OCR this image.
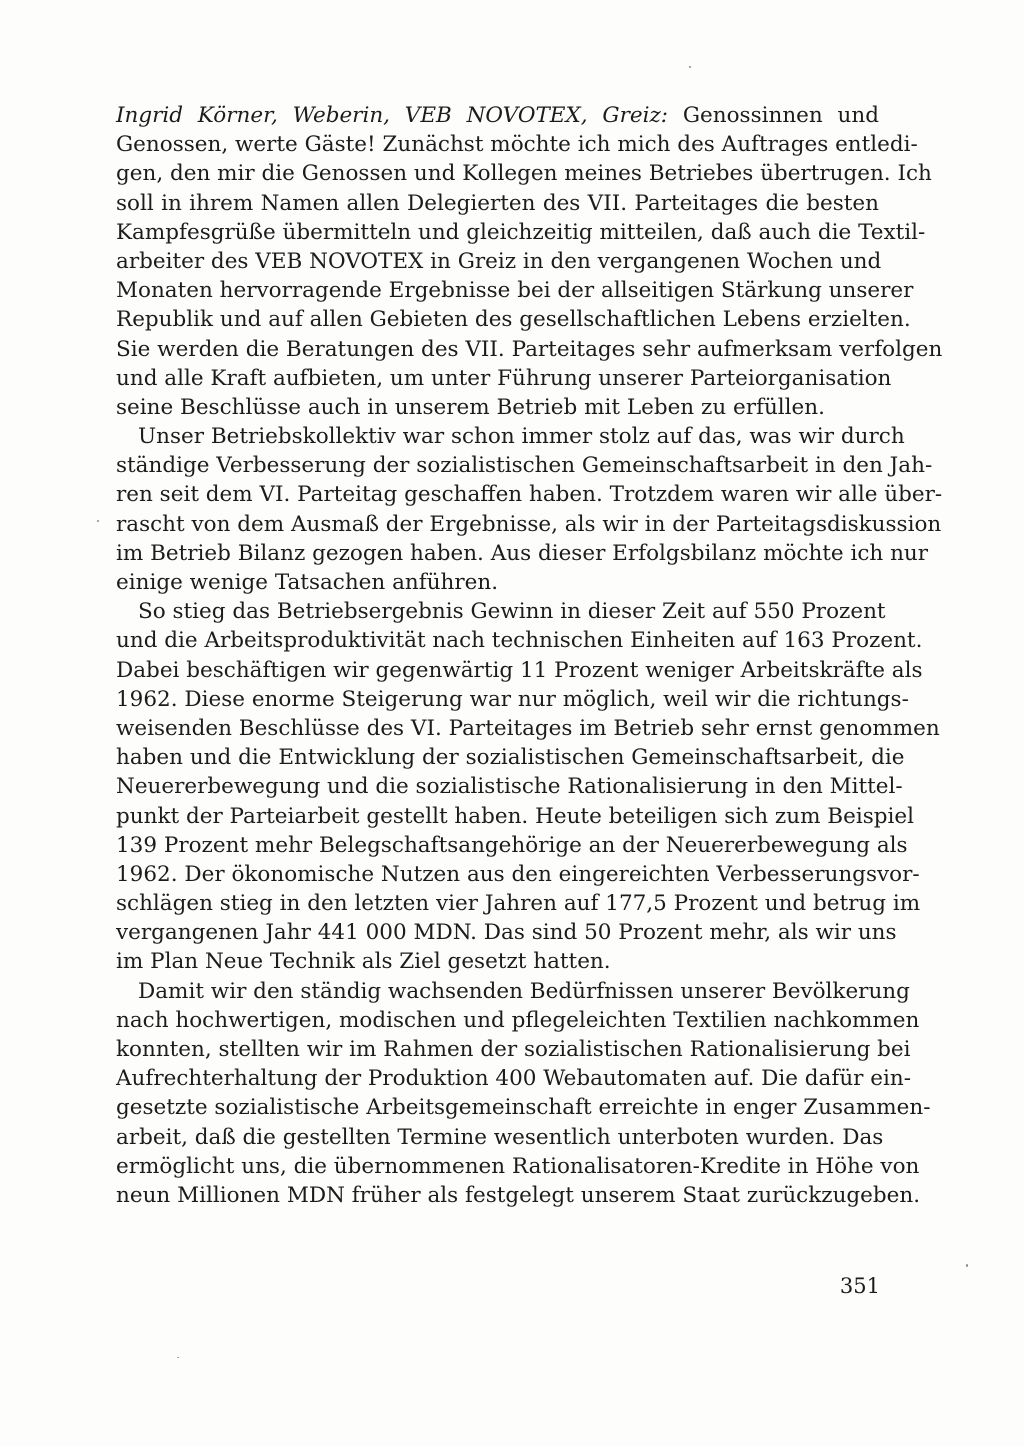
Ingrid Körner, Weberin, VEB NOVOTEX, Greiz: Genossinnen und
Genossen, werte Gäste! Zunächst möchte ich mich des Auftrages entledi-
gen, den mir die Genossen und Kollegen meines Betriebes übertrugen. Ich
soll in ihrem Namen allen Delegierten des VII. Parteitages die besten
Kampfesgrüße übermitteln und gleichzeitig mitteilen, daß auch die Textil-
arbeiter des VEB NOVOTEX in Greiz in den vergangenen Wochen und
Monaten hervorragende Ergebnisse bei der allseitigen Stärkung unserer
Republik und auf allen Gebieten des gesellschaftlichen Lebens erzielten.
Sie werden die Beratungen des VII. Parteitages sehr aufmerksam verfolgen
und alle Kraft aufbieten, um unter Führung unserer Parteiorganisation
seine Beschlüsse auch in unserem Betrieb mit Leben zu erfüllen.
Unser Betriebskollektiv war schon immer stolz auf das, was wir durch
ständige Verbesserung der sozialistischen Gemeinschaftsarbeit in den Jah-
ren seit dem VI. Parteitag geschaffen haben. Trotzdem waren wir alle über-
rascht von dem Ausmaß der Ergebnisse, als wir in der Parteitagsdiskussion
im Betrieb Bilanz gezogen haben. Aus dieser Erfolgsbilanz möchte ich nur
einige wenige Tatsachen anführen.
So stieg das Betriebsergebnis Gewinn in dieser Zeit auf 550 Prozent
und die Arbeitsproduktivität nach technischen Einheiten auf 163 Prozent.
Dabei beschäftigen wir gegenwärtig 11 Prozent weniger Arbeitskräfte als
1962. Diese enorme Steigerung war nur möglich, weil wir die richtungs-
weisenden Beschlüsse des VI. Parteitages im Betrieb sehr ernst genommen
haben und die Entwicklung der sozialistischen Gemeinschaftsarbeit, die
Neuererbewegung und die sozialistische Rationalisierung in den Mittel-
punkt der Parteiarbeit gestellt haben. Heute beteiligen sich zum Beispiel
139 Prozent mehr Belegschaftsangehörige an der Neuererbewegung als
1962. Der ökonomische Nutzen aus den eingereichten Verbesserungsvor-
schlägen stieg in den letzten vier Jahren auf 177,5 Prozent und betrug im
vergangenen Jahr 441 000 MDN. Das sind 50 Prozent mehr, als wir uns
im Plan Neue Technik als Ziel gesetzt hatten.
Damit wir den ständig wachsenden Bedürfnissen unserer Bevölkerung
nach hochwertigen, modischen und pflegeleichten Textilien nachkommen
konnten, stellten wir im Rahmen der sozialistischen Rationalisierung bei
Aufrechterhaltung der Produktion 400 Webautomaten auf. Die dafür ein-
gesetzte sozialistische Arbeitsgemeinschaft erreichte in enger Zusammen-
arbeit, daß die gestellten Termine wesentlich unterboten wurden. Das
ermöglicht uns, die übernommenen Rationalisatoren-Kredite in Höhe von
neun Millionen MDN früher als festgelegt unserem Staat zurückzugeben.
351
